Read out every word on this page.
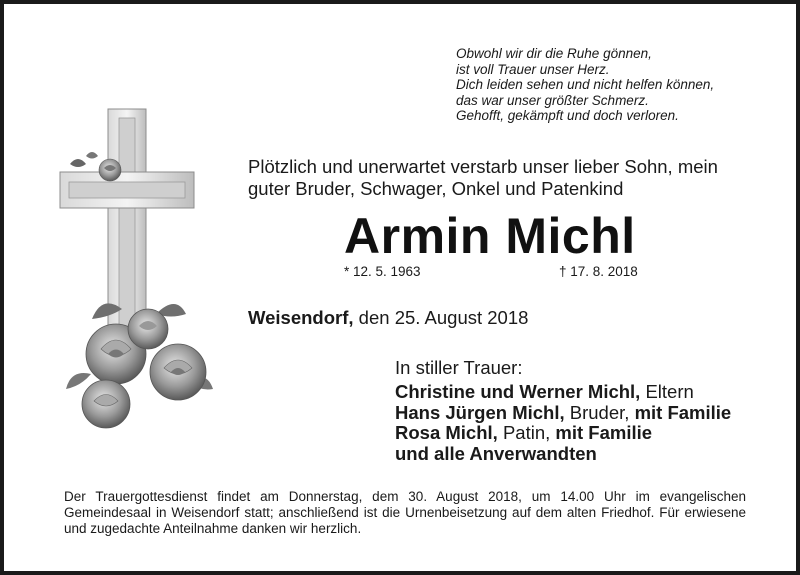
Obwohl wir dir die Ruhe gönnen,
ist voll Trauer unser Herz.
Dich leiden sehen und nicht helfen können,
das war unser größter Schmerz.
Gehofft, gekämpft und doch verloren.
Plötzlich und unerwartet verstarb unser lieber Sohn, mein
guter Bruder, Schwager, Onkel und Patenkind
Armin Michl
* 12. 5. 1963	† 17. 8. 2018
Weisendorf, den 25. August 2018
In stiller Trauer:
Christine und Werner Michl, Eltern
Hans Jürgen Michl, Bruder, mit Familie
Rosa Michl, Patin, mit Familie
und alle Anverwandten
Der Trauergottesdienst findet am Donnerstag, dem 30. August 2018, um 14.00 Uhr im evangelischen Gemeindesaal in Weisendorf statt; anschließend ist die Urnenbeisetzung auf dem alten Friedhof. Für erwiesene und zugedachte Anteilnahme danken wir herzlich.
